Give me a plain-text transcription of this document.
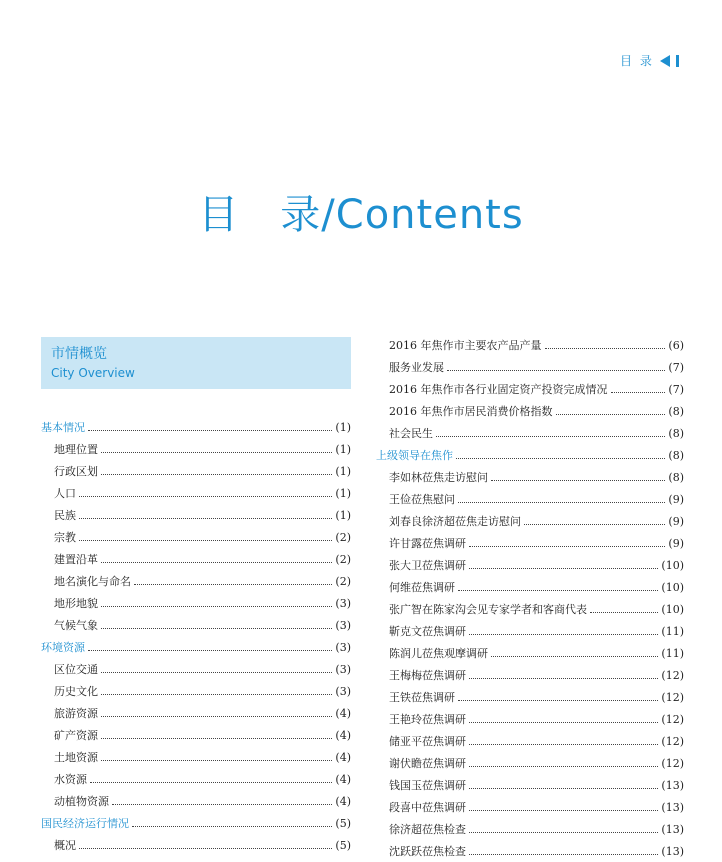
目 录
目　录/Contents
市情概览
City Overview
基本情况	(1)
地理位置	(1)
行政区划	(1)
人口	(1)
民族	(1)
宗教	(2)
建置沿革	(2)
地名演化与命名	(2)
地形地貌	(3)
气候气象	(3)
环境资源	(3)
区位交通	(3)
历史文化	(3)
旅游资源	(4)
矿产资源	(4)
土地资源	(4)
水资源	(4)
动植物资源	(4)
国民经济运行情况	(5)
概况	(5)
2016 年焦作市主要农产品产量	(6)
服务业发展	(7)
2016 年焦作市各行业固定资产投资完成情况	(7)
2016 年焦作市居民消费价格指数	(8)
社会民生	(8)
上级领导在焦作	(8)
李如林莅焦走访慰问	(8)
王俭莅焦慰问	(9)
刘春良徐济超莅焦走访慰问	(9)
许甘露莅焦调研	(9)
张大卫莅焦调研	(10)
何维莅焦调研	(10)
张广智在陈家沟会见专家学者和客商代表	(10)
靳克文莅焦调研	(11)
陈润儿莅焦观摩调研	(11)
王梅梅莅焦调研	(12)
王铁莅焦调研	(12)
王艳玲莅焦调研	(12)
储亚平莅焦调研	(12)
谢伏瞻莅焦调研	(12)
钱国玉莅焦调研	(13)
段喜中莅焦调研	(13)
徐济超莅焦检查	(13)
沈跃跃莅焦检查	(13)
